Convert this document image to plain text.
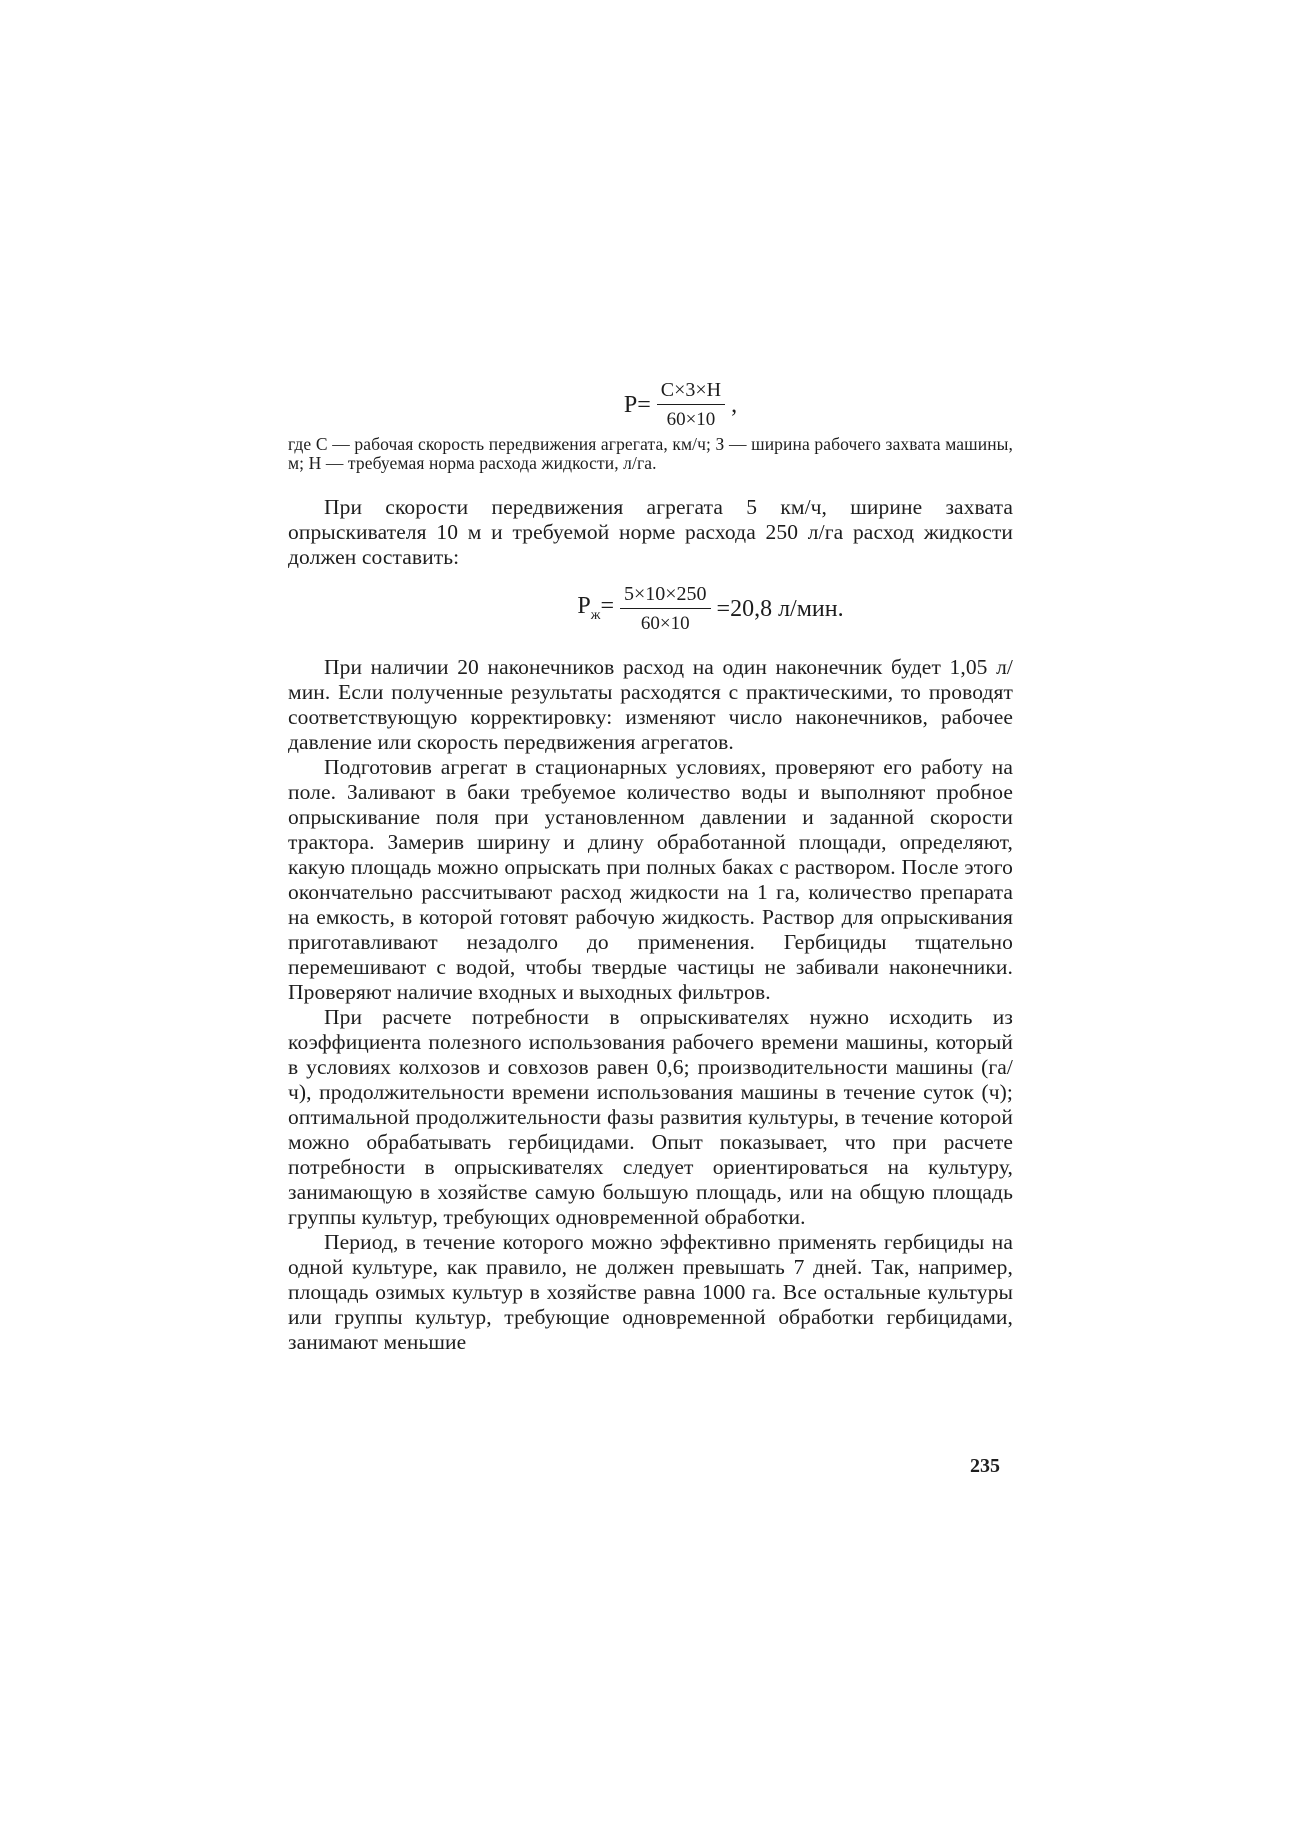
$P= \frac{C\times 3\times H}{60\times 10}$ ,

где С — рабочая скорость передвижения агрегата, км/ч; З — ширина рабочего захвата машины, м; Н — требуемая норма расхода жидкости, л/га.

При скорости передвижения агрегата 5 км/ч, ширине захвата опрыскивателя 10 м и требуемой норме расхода 250 л/га расход жидкости должен составить:

$P_ж= \frac{5\times 10\times 250}{60\times 10} =20,8$ л/мин.

При наличии 20 наконечников расход на один наконечник будет 1,05 л/мин. Если полученные результаты расходятся с практическими, то проводят соответствующую корректировку: изменяют число наконечников, рабочее давление или скорость передвижения агрегатов.

Подготовив агрегат в стационарных условиях, проверяют его работу на поле. Заливают в баки требуемое количество воды и выполняют пробное опрыскивание поля при установленном давлении и заданной скорости трактора. Замерив ширину и длину обработанной площади, определяют, какую площадь можно опрыскать при полных баках с раствором. После этого окончательно рассчитывают расход жидкости на 1 га, количество препарата на емкость, в которой готовят рабочую жидкость. Раствор для опрыскивания приготавливают незадолго до применения. Гербициды тщательно перемешивают с водой, чтобы твердые частицы не забивали наконечники. Проверяют наличие входных и выходных фильтров.

При расчете потребности в опрыскивателях нужно исходить из коэффициента полезного использования рабочего времени машины, который в условиях колхозов и совхозов равен 0,6; производительности машины (га/ч), продолжительности времени использования машины в течение суток (ч); оптимальной продолжительности фазы развития культуры, в течение которой можно обрабатывать гербицидами. Опыт показывает, что при расчете потребности в опрыскивателях следует ориентироваться на культуру, занимающую в хозяйстве самую большую площадь, или на общую площадь группы культур, требующих одновременной обработки.

Период, в течение которого можно эффективно применять гербициды на одной культуре, как правило, не должен превышать 7 дней. Так, например, площадь озимых культур в хозяйстве равна 1000 га. Все остальные культуры или группы культур, требующие одновременной обработки гербицидами, занимают меньшие

235
